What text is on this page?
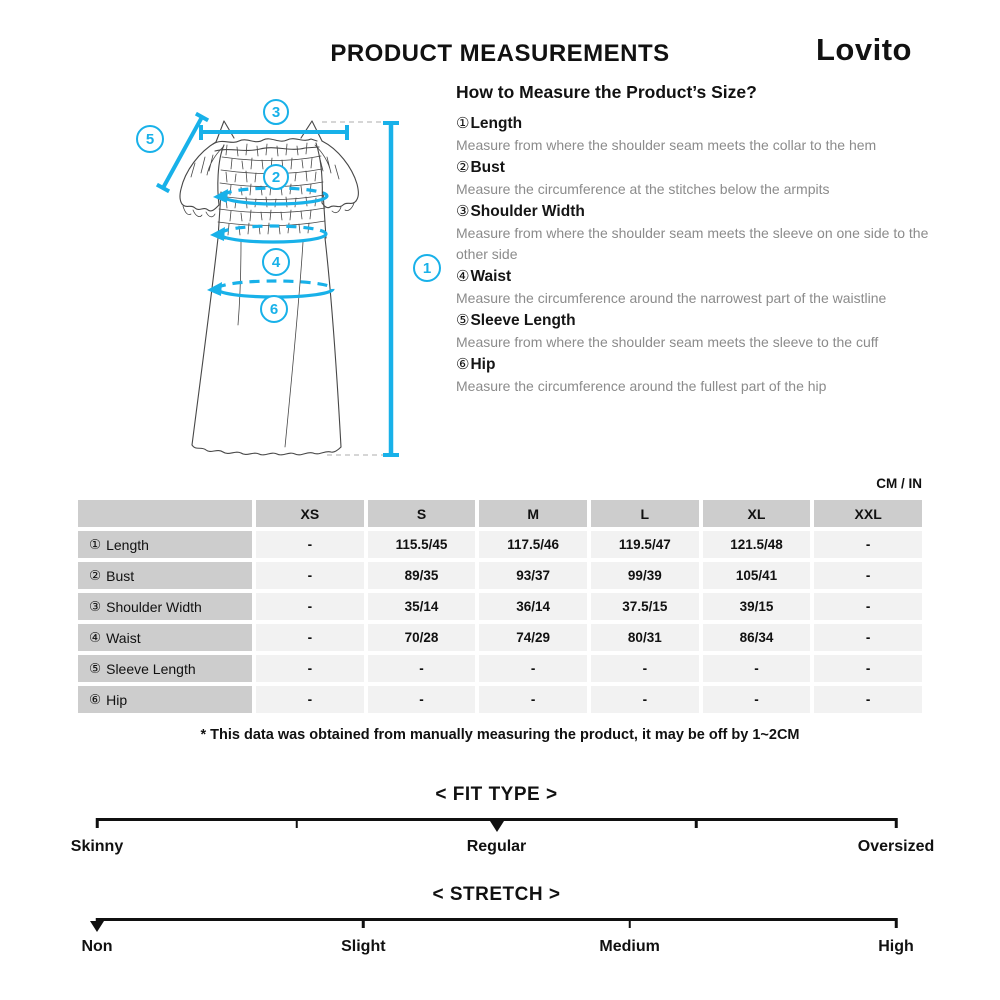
PRODUCT MEASUREMENTS	Lovito
1
2
3
4
5
6
How to Measure the Product’s Size?
①Length
Measure from where the shoulder seam meets the collar to the hem
②Bust
Measure the circumference at the stitches below the armpits
③Shoulder Width
Measure from where the shoulder seam meets the sleeve on one side to the other side
④Waist
Measure the circumference around the narrowest part of the waistline
⑤Sleeve Length
Measure from where the shoulder seam meets the sleeve to the cuff
⑥Hip
Measure the circumference around the fullest part of the hip
CM / IN
XS	S	M	L	XL	XXL
① Length	-	115.5/45	117.5/46	119.5/47	121.5/48	-
② Bust	-	89/35	93/37	99/39	105/41	-
③ Shoulder Width	-	35/14	36/14	37.5/15	39/15	-
④ Waist	-	70/28	74/29	80/31	86/34	-
⑤ Sleeve Length	-	-	-	-	-	-
⑥ Hip	-	-	-	-	-	-
* This data was obtained from manually measuring the product, it may be off by 1~2CM
< FIT TYPE >
Skinny	Regular	Oversized
< STRETCH >
Non	Slight	Medium	High
